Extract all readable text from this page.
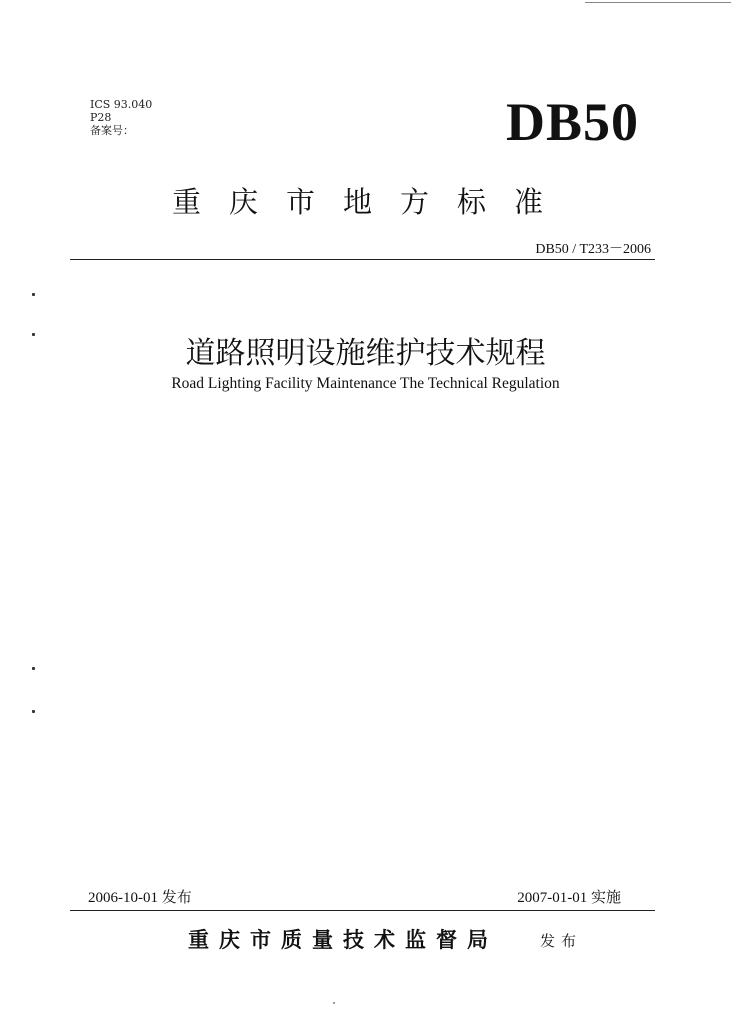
ICS 93.040
P28
备案号：	DB50
重庆市地方标准
DB50 / T233－2006
道路照明设施维护技术规程
Road Lighting Facility Maintenance The Technical Regulation
2006-10-01 发布	2007-01-01 实施
重庆市质量技术监督局	发布
